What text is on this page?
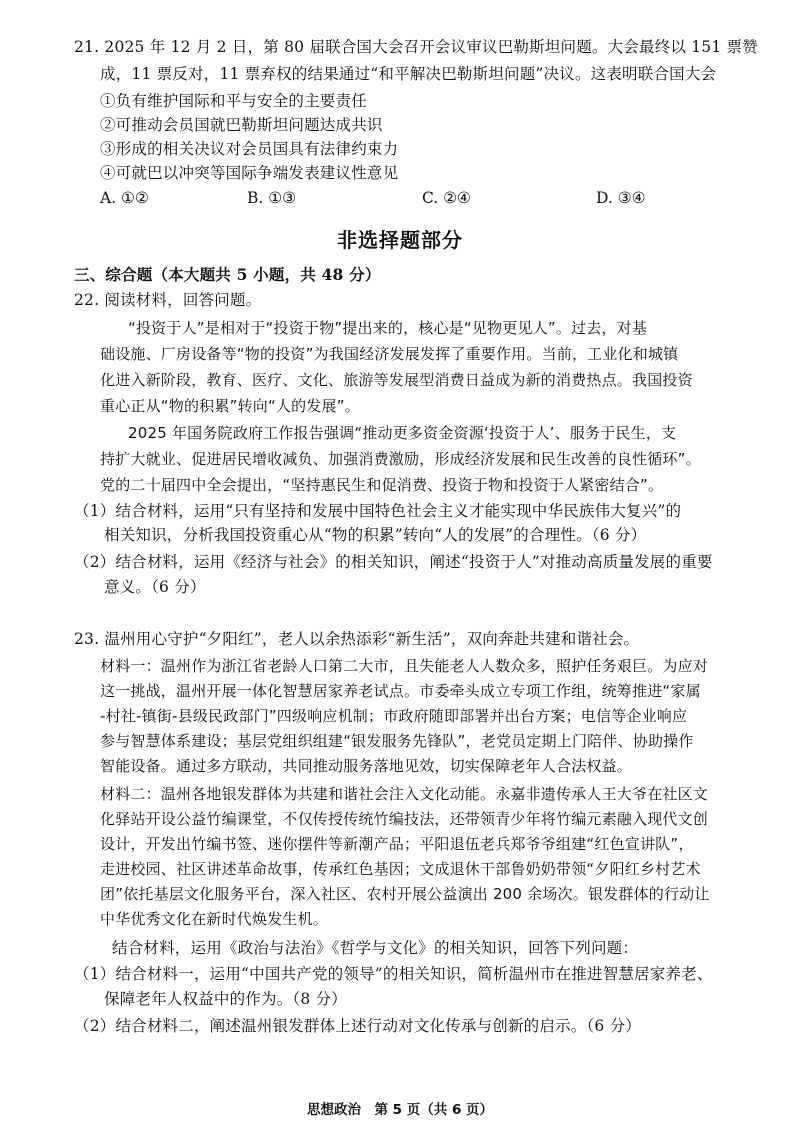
21. 2025 年 12 月 2 日，第 80 届联合国大会召开会议审议巴勒斯坦问题。大会最终以 151 票赞
成，11 票反对，11 票弃权的结果通过“和平解决巴勒斯坦问题”决议。这表明联合国大会
①负有维护国际和平与安全的主要责任
②可推动会员国就巴勒斯坦问题达成共识
③形成的相关决议对会员国具有法律约束力
④可就巴以冲突等国际争端发表建议性意见
A. ①②	B. ①③	C. ②④	D. ③④
非选择题部分
三、综合题（本大题共 5 小题，共 48 分）
22. 阅读材料，回答问题。
“投资于人”是相对于“投资于物”提出来的，核心是“见物更见人”。过去，对基
础设施、厂房设备等“物的投资”为我国经济发展发挥了重要作用。当前，工业化和城镇
化进入新阶段，教育、医疗、文化、旅游等发展型消费日益成为新的消费热点。我国投资
重心正从“物的积累”转向“人的发展”。
2025 年国务院政府工作报告强调“推动更多资金资源‘投资于人’、服务于民生，支
持扩大就业、促进居民增收减负、加强消费激励，形成经济发展和民生改善的良性循环”。
党的二十届四中全会提出，“坚持惠民生和促消费、投资于物和投资于人紧密结合”。
（1）结合材料，运用“只有坚持和发展中国特色社会主义才能实现中华民族伟大复兴”的
相关知识，分析我国投资重心从“物的积累”转向“人的发展”的合理性。（6 分）
（2）结合材料，运用《经济与社会》的相关知识，阐述“投资于人”对推动高质量发展的重要
意义。（6 分）
23. 温州用心守护“夕阳红”，老人以余热添彩“新生活”，双向奔赴共建和谐社会。
材料一：温州作为浙江省老龄人口第二大市，且失能老人人数众多，照护任务艰巨。为应对
这一挑战，温州开展一体化智慧居家养老试点。市委牵头成立专项工作组，统筹推进“家属
-村社-镇街-县级民政部门”四级响应机制；市政府随即部署并出台方案；电信等企业响应
参与智慧体系建设；基层党组织组建“银发服务先锋队”，老党员定期上门陪伴、协助操作
智能设备。通过多方联动，共同推动服务落地见效，切实保障老年人合法权益。
材料二：温州各地银发群体为共建和谐社会注入文化动能。永嘉非遗传承人王大爷在社区文
化驿站开设公益竹编课堂，不仅传授传统竹编技法，还带领青少年将竹编元素融入现代文创
设计，开发出竹编书签、迷你摆件等新潮产品；平阳退伍老兵郑爷爷组建“红色宣讲队”，
走进校园、社区讲述革命故事，传承红色基因；文成退休干部鲁奶奶带领“夕阳红乡村艺术
团”依托基层文化服务平台，深入社区、农村开展公益演出 200 余场次。银发群体的行动让
中华优秀文化在新时代焕发生机。
结合材料，运用《政治与法治》《哲学与文化》的相关知识，回答下列问题：
（1）结合材料一，运用“中国共产党的领导”的相关知识，简析温州市在推进智慧居家养老、
保障老年人权益中的作为。（8 分）
（2）结合材料二，阐述温州银发群体上述行动对文化传承与创新的启示。（6 分）
思想政治　第 5 页（共 6 页）
